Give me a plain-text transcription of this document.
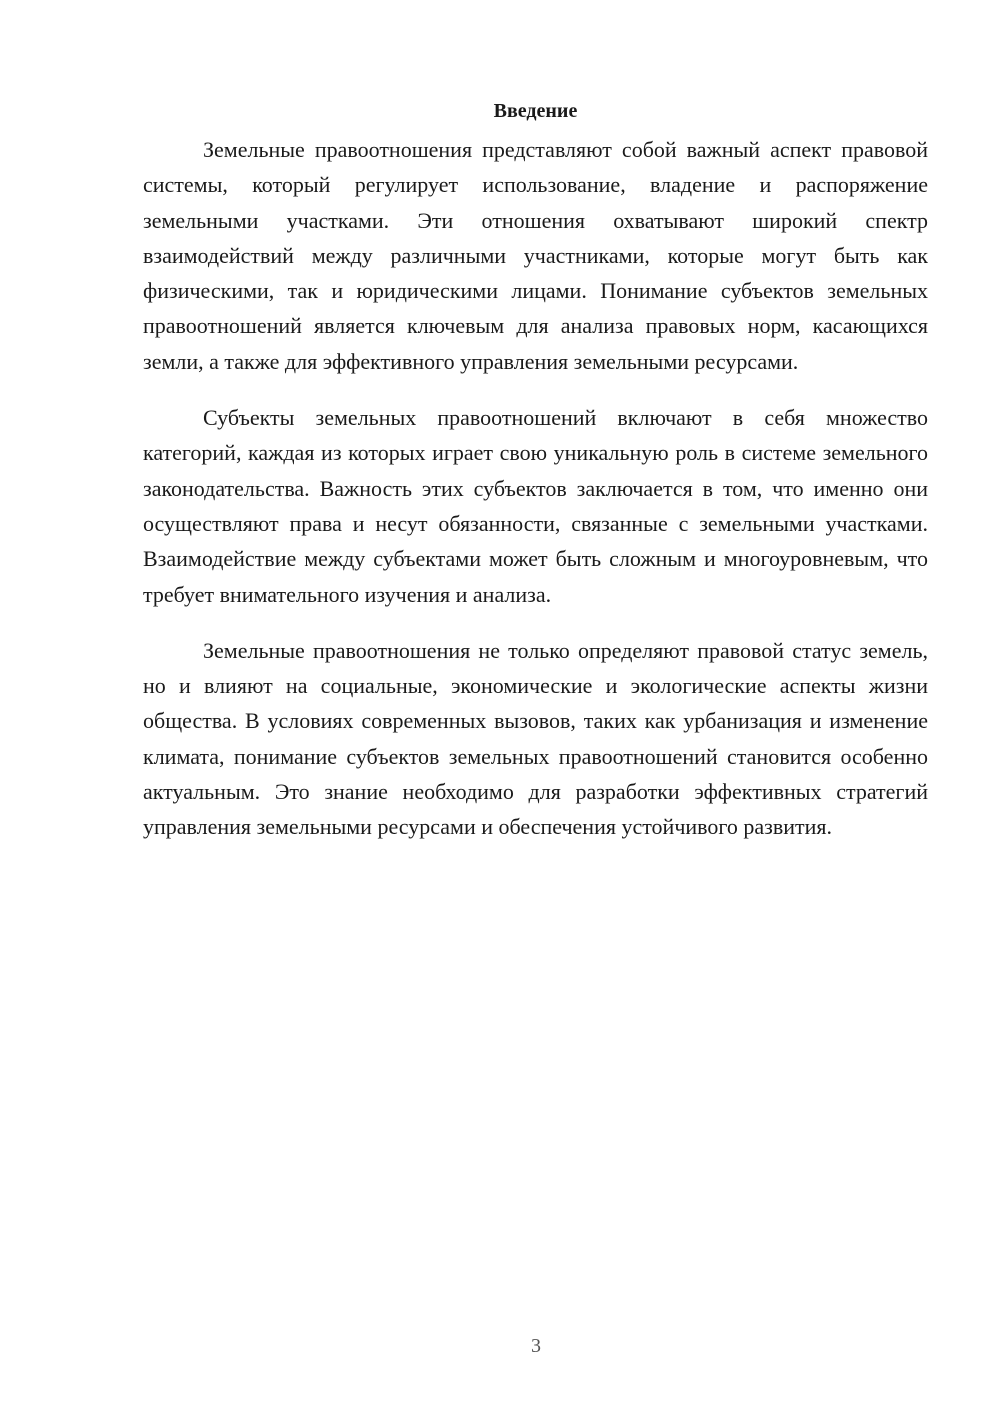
Введение

Земельные правоотношения представляют собой важный аспект правовой системы, который регулирует использование, владение и распоряжение земельными участками. Эти отношения охватывают широкий спектр взаимодействий между различными участниками, которые могут быть как физическими, так и юридическими лицами. Понимание субъектов земельных правоотношений является ключевым для анализа правовых норм, касающихся земли, а также для эффективного управления земельными ресурсами.

Субъекты земельных правоотношений включают в себя множество категорий, каждая из которых играет свою уникальную роль в системе земельного законодательства. Важность этих субъектов заключается в том, что именно они осуществляют права и несут обязанности, связанные с земельными участками. Взаимодействие между субъектами может быть сложным и многоуровневым, что требует внимательного изучения и анализа.

Земельные правоотношения не только определяют правовой статус земель, но и влияют на социальные, экономические и экологические аспекты жизни общества. В условиях современных вызовов, таких как урбанизация и изменение климата, понимание субъектов земельных правоотношений становится особенно актуальным. Это знание необходимо для разработки эффективных стратегий управления земельными ресурсами и обеспечения устойчивого развития.

3
